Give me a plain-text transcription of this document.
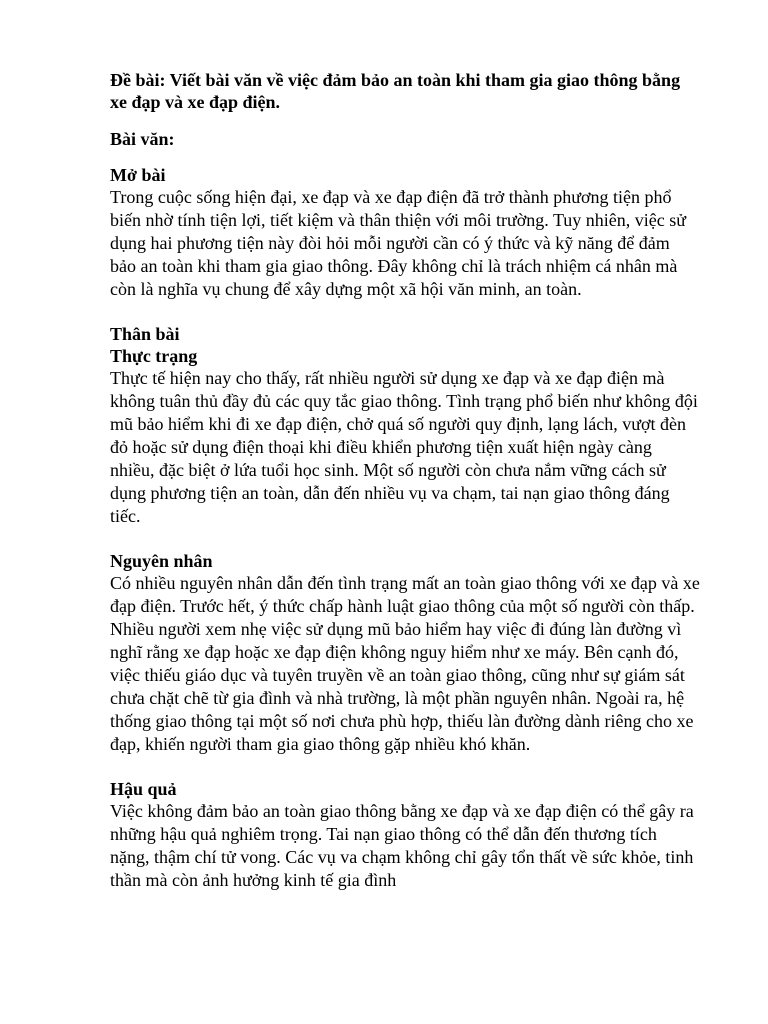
Đề bài: Viết bài văn về việc đảm bảo an toàn khi tham gia giao thông bằng xe đạp và xe đạp điện.

Bài văn:

Mở bài

Trong cuộc sống hiện đại, xe đạp và xe đạp điện đã trở thành phương tiện phổ biến nhờ tính tiện lợi, tiết kiệm và thân thiện với môi trường. Tuy nhiên, việc sử dụng hai phương tiện này đòi hỏi mỗi người cần có ý thức và kỹ năng để đảm bảo an toàn khi tham gia giao thông. Đây không chỉ là trách nhiệm cá nhân mà còn là nghĩa vụ chung để xây dựng một xã hội văn minh, an toàn.

Thân bài

Thực trạng

Thực tế hiện nay cho thấy, rất nhiều người sử dụng xe đạp và xe đạp điện mà không tuân thủ đầy đủ các quy tắc giao thông. Tình trạng phổ biến như không đội mũ bảo hiểm khi đi xe đạp điện, chở quá số người quy định, lạng lách, vượt đèn đỏ hoặc sử dụng điện thoại khi điều khiển phương tiện xuất hiện ngày càng nhiều, đặc biệt ở lứa tuổi học sinh. Một số người còn chưa nắm vững cách sử dụng phương tiện an toàn, dẫn đến nhiều vụ va chạm, tai nạn giao thông đáng tiếc.

Nguyên nhân

Có nhiều nguyên nhân dẫn đến tình trạng mất an toàn giao thông với xe đạp và xe đạp điện. Trước hết, ý thức chấp hành luật giao thông của một số người còn thấp. Nhiều người xem nhẹ việc sử dụng mũ bảo hiểm hay việc đi đúng làn đường vì nghĩ rằng xe đạp hoặc xe đạp điện không nguy hiểm như xe máy. Bên cạnh đó, việc thiếu giáo dục và tuyên truyền về an toàn giao thông, cũng như sự giám sát chưa chặt chẽ từ gia đình và nhà trường, là một phần nguyên nhân. Ngoài ra, hệ thống giao thông tại một số nơi chưa phù hợp, thiếu làn đường dành riêng cho xe đạp, khiến người tham gia giao thông gặp nhiều khó khăn.

Hậu quả

Việc không đảm bảo an toàn giao thông bằng xe đạp và xe đạp điện có thể gây ra những hậu quả nghiêm trọng. Tai nạn giao thông có thể dẫn đến thương tích nặng, thậm chí tử vong. Các vụ va chạm không chỉ gây tổn thất về sức khỏe, tinh thần mà còn ảnh hưởng kinh tế gia đình
